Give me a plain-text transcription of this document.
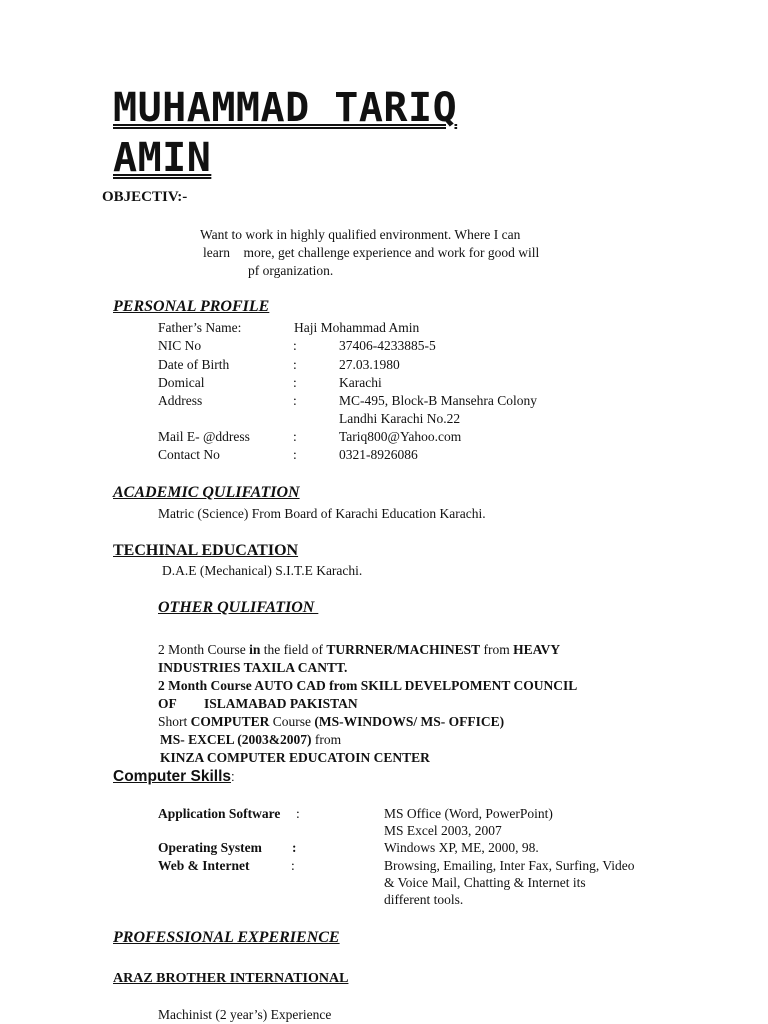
MUHAMMAD TARIQ
AMIN
OBJECTIV:-
Want to work in highly qualified environment. Where I can
learn    more, get challenge experience and work for good will
pf organization.
PERSONAL PROFILE
Father’s Name:	Haji Mohammad Amin
NIC No	:	37406-4233885-5
Date of Birth	:	27.03.1980
Domical	:	Karachi
Address	:	MC-495, Block-B Mansehra Colony
Landhi Karachi No.22
Mail E- @ddress	:	Tariq800@Yahoo.com
Contact No	:	0321-8926086
ACADEMIC QULIFATION
Matric (Science) From Board of Karachi Education Karachi.
TECHINAL EDUCATION
D.A.E (Mechanical) S.I.T.E Karachi.
OTHER QULIFATION
2 Month Course in the field of TURRNER/MACHINEST from HEAVY
INDUSTRIES TAXILA CANTT.
2 Month Course AUTO CAD from SKILL DEVELPOMENT COUNCIL
OF ISLAMABAD PAKISTAN
Short COMPUTER Course (MS-WINDOWS/ MS- OFFICE)
MS- EXCEL (2003&2007) from
KINZA COMPUTER EDUCATOIN CENTER
Computer Skills:
Application Software :	MS Office (Word, PowerPoint)
MS Excel 2003, 2007
Operating System :	Windows XP, ME, 2000, 98.
Web & Internet	:	Browsing, Emailing, Inter Fax, Surfing, Video
& Voice Mail, Chatting & Internet its
different tools.
PROFESSIONAL EXPERIENCE
ARAZ BROTHER INTERNATIONAL
Machinist (2 year’s) Experience
